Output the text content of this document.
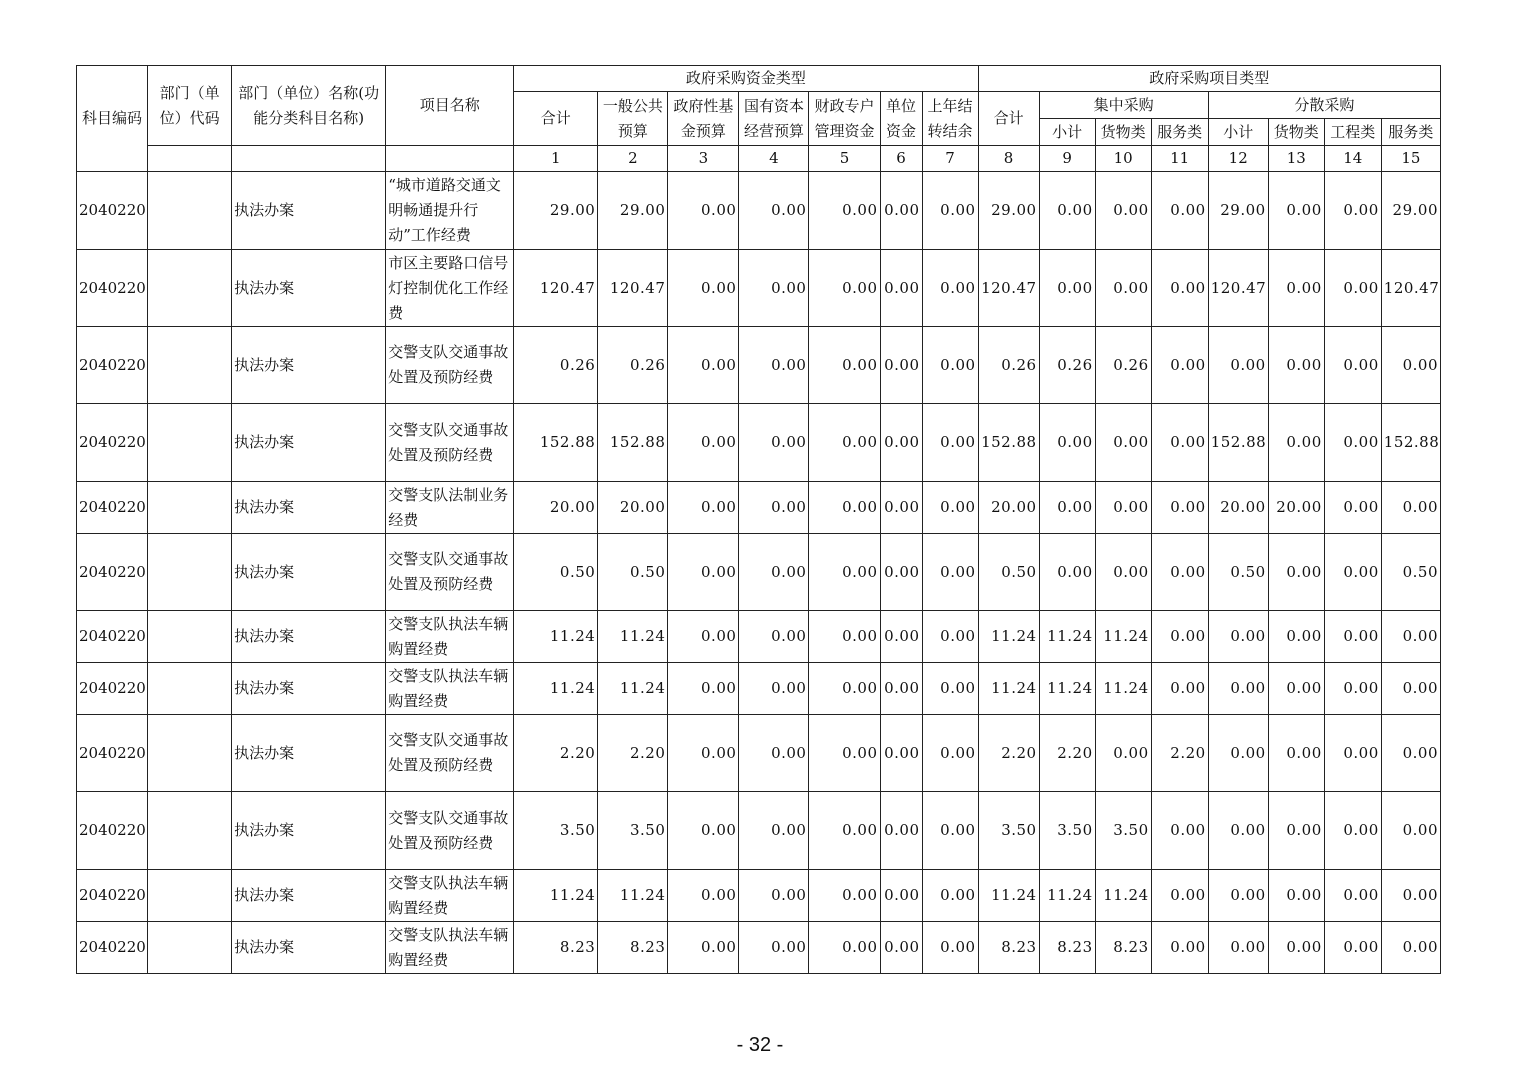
科目编码	部门（单位）代码	部门（单位）名称(功能分类科目名称)	项目名称	政府采购资金类型							政府采购项目类型							
				合计	一般公共预算	政府性基金预算	国有资本经营预算	财政专户管理资金	单位资金	上年结转结余	合计	集中采购			分散采购			
												小计	货物类	服务类	小计	货物类	工程类	服务类
				1	2	3	4	5	6	7	8	9	10	11	12	13	14	15
2040220		执法办案	“城市道路交通文明畅通提升行动”工作经费	29.00	29.00	0.00	0.00	0.00	0.00	0.00	29.00	0.00	0.00	0.00	29.00	0.00	0.00	29.00
2040220		执法办案	市区主要路口信号灯控制优化工作经费	120.47	120.47	0.00	0.00	0.00	0.00	0.00	120.47	0.00	0.00	0.00	120.47	0.00	0.00	120.47
2040220		执法办案	交警支队交通事故处置及预防经费	0.26	0.26	0.00	0.00	0.00	0.00	0.00	0.26	0.26	0.26	0.00	0.00	0.00	0.00	0.00
2040220		执法办案	交警支队交通事故处置及预防经费	152.88	152.88	0.00	0.00	0.00	0.00	0.00	152.88	0.00	0.00	0.00	152.88	0.00	0.00	152.88
2040220		执法办案	交警支队法制业务经费	20.00	20.00	0.00	0.00	0.00	0.00	0.00	20.00	0.00	0.00	0.00	20.00	20.00	0.00	0.00
2040220		执法办案	交警支队交通事故处置及预防经费	0.50	0.50	0.00	0.00	0.00	0.00	0.00	0.50	0.00	0.00	0.00	0.50	0.00	0.00	0.50
2040220		执法办案	交警支队执法车辆购置经费	11.24	11.24	0.00	0.00	0.00	0.00	0.00	11.24	11.24	11.24	0.00	0.00	0.00	0.00	0.00
2040220		执法办案	交警支队执法车辆购置经费	11.24	11.24	0.00	0.00	0.00	0.00	0.00	11.24	11.24	11.24	0.00	0.00	0.00	0.00	0.00
2040220		执法办案	交警支队交通事故处置及预防经费	2.20	2.20	0.00	0.00	0.00	0.00	0.00	2.20	2.20	0.00	2.20	0.00	0.00	0.00	0.00
2040220		执法办案	交警支队交通事故处置及预防经费	3.50	3.50	0.00	0.00	0.00	0.00	0.00	3.50	3.50	3.50	0.00	0.00	0.00	0.00	0.00
2040220		执法办案	交警支队执法车辆购置经费	11.24	11.24	0.00	0.00	0.00	0.00	0.00	11.24	11.24	11.24	0.00	0.00	0.00	0.00	0.00
2040220		执法办案	交警支队执法车辆购置经费	8.23	8.23	0.00	0.00	0.00	0.00	0.00	8.23	8.23	8.23	0.00	0.00	0.00	0.00	0.00
- 32 -
